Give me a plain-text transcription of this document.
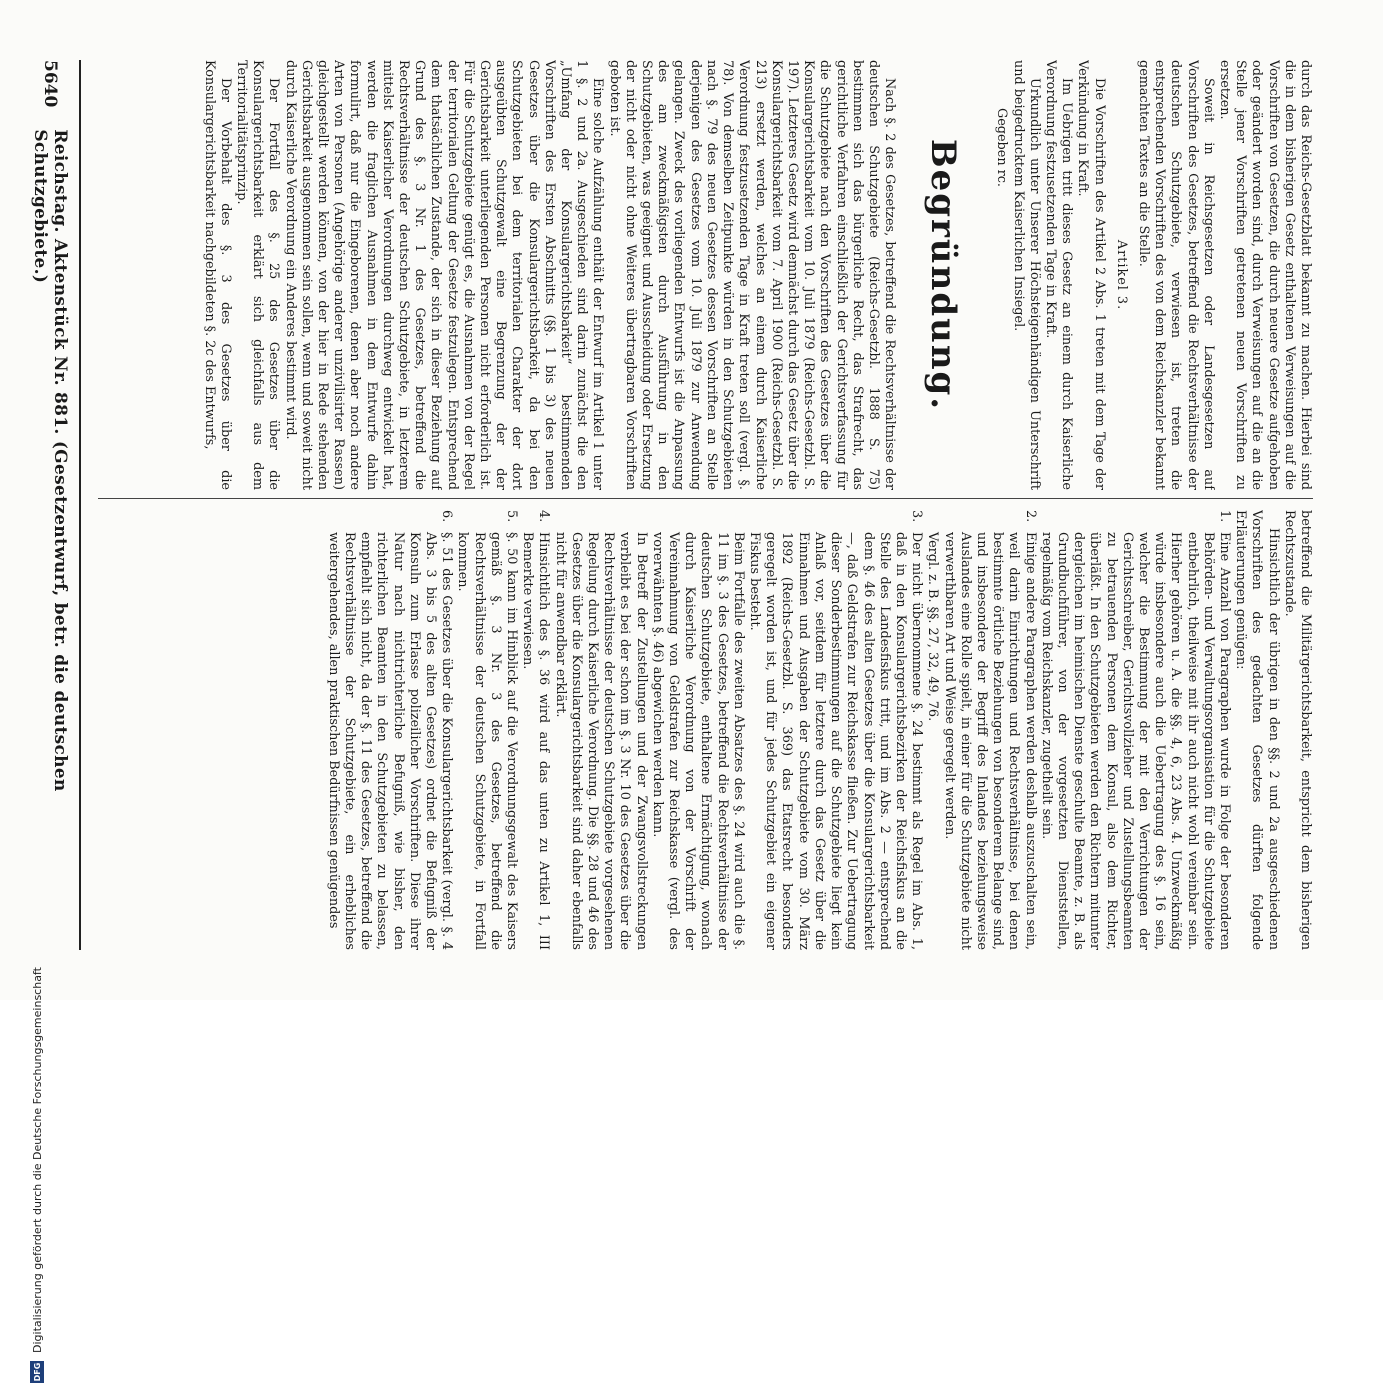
durch das Reichs-Gesetzblatt bekannt zu machen. Hierbei sind die in dem bisherigen Gesetz enthaltenen Verweisungen auf die Vorschriften von Gesetzen, die durch neuere Gesetze aufgehoben oder geändert worden sind, durch Verweisungen auf die an die Stelle jener Vorschriften getretenen neuen Vorschriften zu ersetzen.

Soweit in Reichsgesetzen oder Landesgesetzen auf Vorschriften des Gesetzes, betreffend die Rechtsverhältnisse der deutschen Schutzgebiete, verwiesen ist, treten die entsprechenden Vorschriften des von dem Reichskanzler bekannt gemachten Textes an die Stelle.

Artikel 3.

Die Vorschriften des Artikel 2 Abs. 1 treten mit dem Tage der Verkündung in Kraft.

Im Uebrigen tritt dieses Gesetz an einem durch Kaiserliche Verordnung festzusetzenden Tage in Kraft.

Urkundlich unter Unserer Höchsteigenhändigen Unterschrift und beigedrucktem Kaiserlichen Insiegel.

Gegeben rc.

Begründung.

Nach §. 2 des Gesetzes, betreffend die Rechtsverhältnisse der deutschen Schutzgebiete (Reichs-Gesetzbl. 1888 S. 75) bestimmen sich das bürgerliche Recht, das Strafrecht, das gerichtliche Verfahren einschließlich der Gerichtsverfassung für die Schutzgebiete nach den Vorschriften des Gesetzes über die Konsulargerichtsbarkeit vom 10. Juli 1879 (Reichs-Gesetzbl. S. 197). Letzteres Gesetz wird demnächst durch das Gesetz über die Konsulargerichtsbarkeit vom 7. April 1900 (Reichs-Gesetzbl. S. 213) ersetzt werden, welches an einem durch Kaiserliche Verordnung festzusetzenden Tage in Kraft treten soll (vergl. §. 78). Von demselben Zeitpunkte würden in den Schutzgebieten nach §. 79 des neuen Gesetzes dessen Vorschriften an Stelle derjenigen des Gesetzes vom 10. Juli 1879 zur Anwendung gelangen. Zweck des vorliegenden Entwurfs ist die Anpassung des am zweckmäßigsten durch Ausführung in den Schutzgebieten, was geeignet und Ausscheidung oder Ersetzung der nicht oder nicht ohne Weiteres übertragbaren Vorschriften geboten ist.

Eine solche Aufzählung enthält der Entwurf im Artikel 1 unter 1 §. 2 und 2a. Ausgeschieden sind darin zunächst die den „Umfang der Konsulargerichtsbarkeit“ bestimmenden Vorschriften des Ersten Abschnitts (§§. 1 bis 3) des neuen Gesetzes über die Konsulargerichtsbarkeit, da bei den Schutzgebieten bei dem territorialen Charakter der dort ausgeübten Schutzgewalt eine Begrenzung der der Gerichtsbarkeit unterliegenden Personen nicht erforderlich ist. Für die Schutzgebiete genügt es, die Ausnahmen von der Regel der territorialen Geltung der Gesetze festzulegen. Entsprechend dem thatsächlichen Zustande, der sich in dieser Beziehung auf Grund des §. 3 Nr. 1 des Gesetzes, betreffend die Rechtsverhältnisse der deutschen Schutzgebiete, in letzterem mittelst Kaiserlicher Verordnungen durchweg entwickelt hat, werden die fraglichen Ausnahmen in dem Entwurfe dahin formulirt, daß nur die Eingeborenen, denen aber noch andere Arten von Personen (Angehörige anderer unzivilisirter Rassen) gleichgestellt werden können, von der hier in Rede stehenden Gerichtsbarkeit ausgenommen sein sollen, wenn und soweit nicht durch Kaiserliche Verordnung ein Anderes bestimmt wird.

Der Fortfall des §. 25 des Gesetzes über die Konsulargerichtsbarkeit erklärt sich gleichfalls aus dem Territorialitätsprinzip.

Der Vorbehalt des §. 3 des Gesetzes über die Konsulargerichtsbarkeit nachgebildeten §. 2c des Entwurfs,

betreffend die Militärgerichtsbarkeit, entspricht dem bisherigen Rechtszustande.

Hinsichtlich der übrigen in den §§. 2 und 2a ausgeschiedenen Vorschriften des gedachten Gesetzes dürften folgende Erläuterungen genügen:

1.
Eine Anzahl von Paragraphen wurde in Folge der besonderen Behörden- und Verwaltungsorganisation für die Schutzgebiete entbehrlich, theilweise mit ihr auch nicht wohl vereinbar sein. Hierher gehören u. A. die §§. 4, 6, 23 Abs. 4. Unzweckmäßig würde insbesondere auch die Uebertragung des §. 16 sein, welcher die Bestimmung der mit den Verrichtungen der Gerichtsschreiber, Gerichtsvollzieher und Zustellungsbeamten zu betrauenden Personen dem Konsul, also dem Richter, überläßt. In den Schutzgebieten werden den Richtern mitunter dergleichen im heimischen Dienste geschulte Beamte, z. B. als Grundbuchführer, von der vorgesetzten Dienststellen, regelmäßig vom Reichskanzler, zugetheilt sein.
2.
Einige andere Paragraphen werden deshalb auszuschalten sein, weil darin Einrichtungen und Rechtsverhältnisse, bei denen bestimmte örtliche Beziehungen von besonderem Belange sind, und insbesondere der Begriff des Inlandes beziehungsweise Auslandes eine Rolle spielt, in einer für die Schutzgebiete nicht verwerthbaren Art und Weise geregelt werden.
Vergl. z. B. §§. 27, 32, 49, 76.
3.
Der nicht übernommene §. 24 bestimmt als Regel im Abs. 1, daß in den Konsulargerichtsbezirken der Reichsfiskus an die Stelle des Landesfiskus tritt, und im Abs. 2 — entsprechend dem §. 46 des alten Gesetzes über die Konsulargerichtsbarkeit —, daß Geldstrafen zur Reichskasse fließen. Zur Uebertragung dieser Sonderbestimmungen auf die Schutzgebiete liegt kein Anlaß vor, seitdem für letztere durch das Gesetz über die Einnahmen und Ausgaben der Schutzgebiete vom 30. März 1892 (Reichs-Gesetzbl. S. 369) das Etatsrecht besonders geregelt worden ist, und für jedes Schutzgebiet ein eigener Fiskus besteht.
Beim Fortfalle des zweiten Absatzes des §. 24 wird auch die §. 11 im §. 3 des Gesetzes, betreffend die Rechtsverhältnisse der deutschen Schutzgebiete, enthaltene Ermächtigung, wonach durch Kaiserliche Verordnung von der Vorschrift der Vereinnahmung von Geldstrafen zur Reichskasse (vergl. des vorerwähnten §. 46) abgewichen werden kann.
In Betreff der Zustellungen und der Zwangsvollstreckungen verbleibt es bei der schon im §. 3 Nr. 10 des Gesetzes über die Rechtsverhältnisse der deutschen Schutzgebiete vorgesehenen Regelung durch Kaiserliche Verordnung. Die §§. 28 und 46 des Gesetzes über die Konsulargerichtsbarkeit sind daher ebenfalls nicht für anwendbar erklärt.
4.
Hinsichtlich des §. 36 wird auf das unten zu Artikel 1, III Bemerkte verwiesen.
5.
§. 50 kann im Hinblick auf die Verordnungsgewalt des Kaisers gemäß §. 3 Nr. 3 des Gesetzes, betreffend die Rechtsverhältnisse der deutschen Schutzgebiete, in Fortfall kommen.
6.
§. 51 des Gesetzes über die Konsulargerichtsbarkeit (vergl. §. 4 Abs. 3 bis 5 des alten Gesetzes) ordnet die Befugniß der Konsuln zum Erlasse polizeilicher Vorschriften. Diese ihrer Natur nach nichtrichterliche Befugniß, wie bisher, den richterlichen Beamten in den Schutzgebieten zu belassen, empfiehlt sich nicht, da der §. 11 des Gesetzes, betreffend die Rechtsverhältnisse der Schutzgebiete, ein erhebliches weitergehendes, allen praktischen Bedürfnissen genügendes
5640
Reichstag. Aktenstück Nr. 881. (Gesetzentwurf, betr. die deutschen Schutzgebiete.)
DFG
Digitalisierung gefördert durch die Deutsche Forschungsgemeinschaft
